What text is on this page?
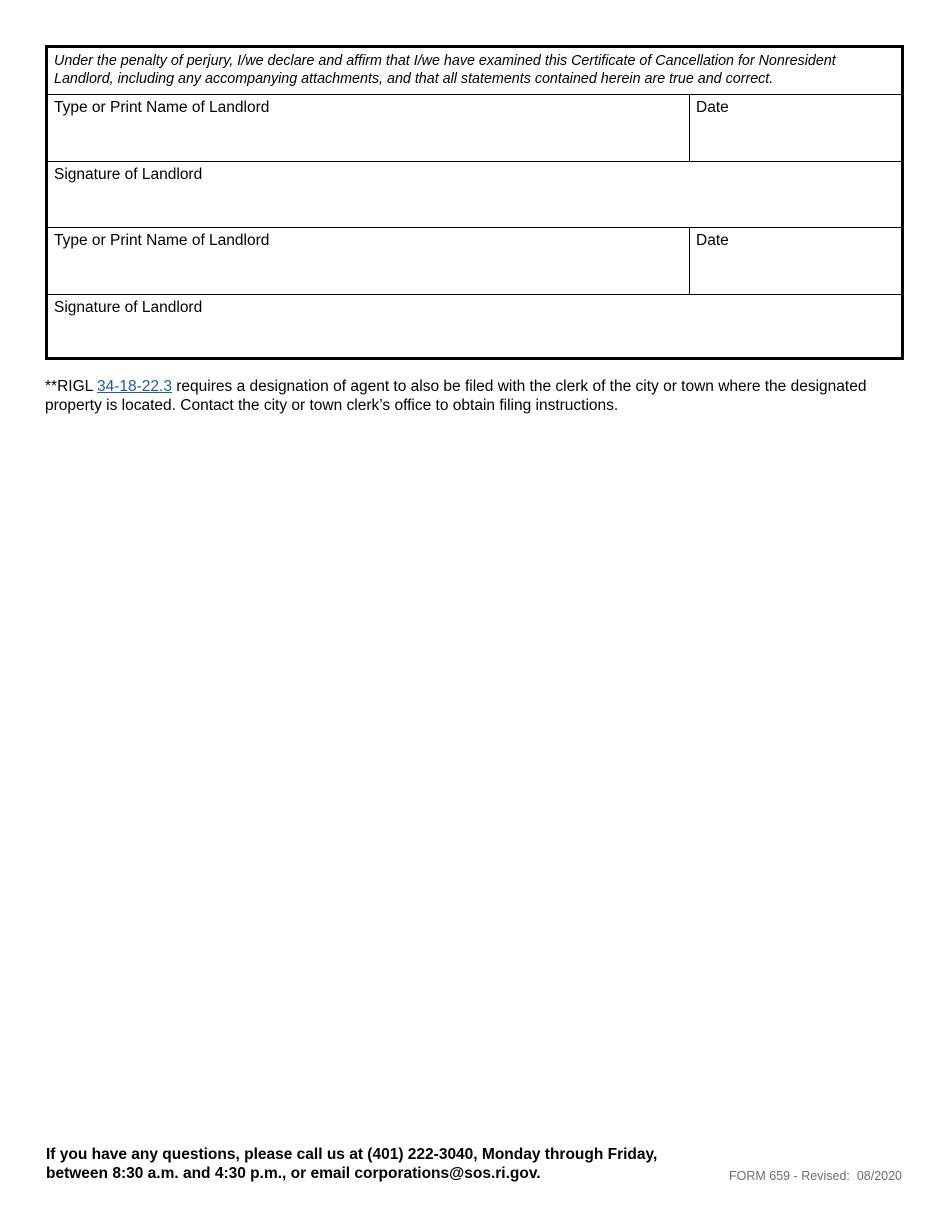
Under the penalty of perjury, I/we declare and affirm that I/we have examined this Certificate of Cancellation for Nonresident Landlord, including any accompanying attachments, and that all statements contained herein are true and correct.
Type or Print Name of Landlord	Date
Signature of Landlord
Type or Print Name of Landlord	Date
Signature of Landlord
**RIGL 34-18-22.3 requires a designation of agent to also be filed with the clerk of the city or town where the designated property is located. Contact the city or town clerk’s office to obtain filing instructions.
If you have any questions, please call us at (401) 222-3040, Monday through Friday,
between 8:30 a.m. and 4:30 p.m., or email corporations@sos.ri.gov.	FORM 659 - Revised:  08/2020
